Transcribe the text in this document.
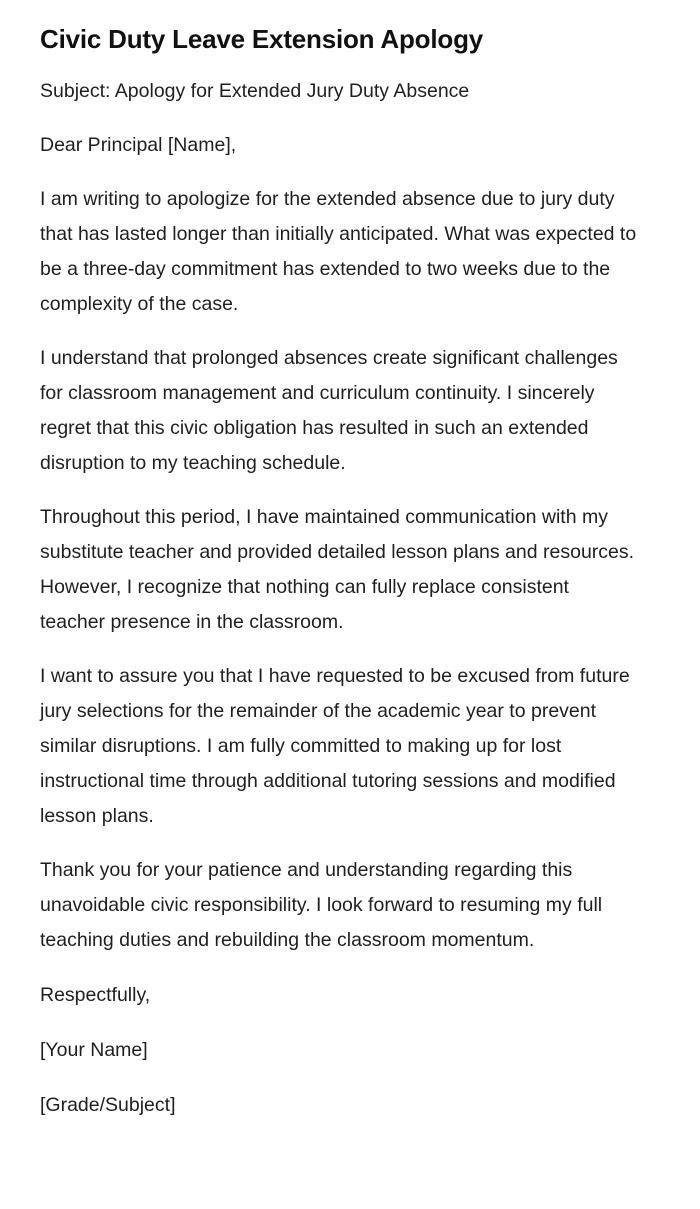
Civic Duty Leave Extension Apology

Subject: Apology for Extended Jury Duty Absence

Dear Principal [Name],

I am writing to apologize for the extended absence due to jury duty that has lasted longer than initially anticipated. What was expected to be a three-day commitment has extended to two weeks due to the complexity of the case.

I understand that prolonged absences create significant challenges for classroom management and curriculum continuity. I sincerely regret that this civic obligation has resulted in such an extended disruption to my teaching schedule.

Throughout this period, I have maintained communication with my substitute teacher and provided detailed lesson plans and resources. However, I recognize that nothing can fully replace consistent teacher presence in the classroom.

I want to assure you that I have requested to be excused from future jury selections for the remainder of the academic year to prevent similar disruptions. I am fully committed to making up for lost instructional time through additional tutoring sessions and modified lesson plans.

Thank you for your patience and understanding regarding this unavoidable civic responsibility. I look forward to resuming my full teaching duties and rebuilding the classroom momentum.

Respectfully,

[Your Name]

[Grade/Subject]
